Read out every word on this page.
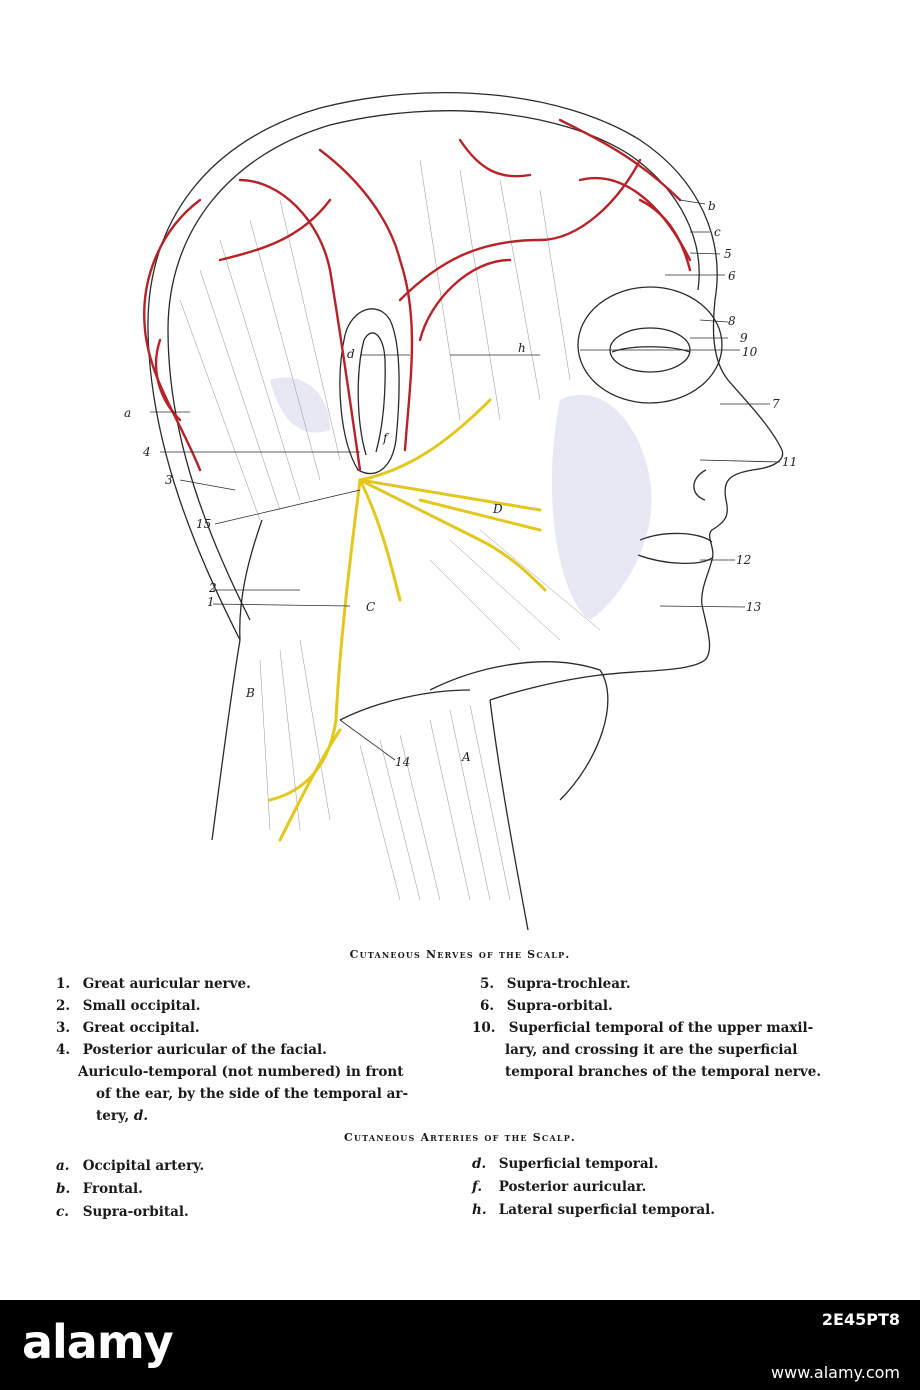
b
c
5
6
8
9
10
7
11
12
13
d	h
f
a
4
3
15
2
1	C
D
B
A
14
Cutaneous Nerves of the Scalp.
1. Great auricular nerve.
2. Small occipital.
3. Great occipital.
4. Posterior auricular of the facial.
Auriculo-temporal (not numbered) in front
of the ear, by the side of the temporal ar-
tery, d.
5. Supra-trochlear.
6. Supra-orbital.
10. Superficial temporal of the upper maxil-
lary, and crossing it are the superficial
temporal branches of the temporal nerve.
Cutaneous Arteries of the Scalp.
a. Occipital artery.
b. Frontal.
c. Supra-orbital.
d. Superficial temporal.
f. Posterior auricular.
h. Lateral superficial temporal.
alamy	2E45PT8
www.alamy.com
